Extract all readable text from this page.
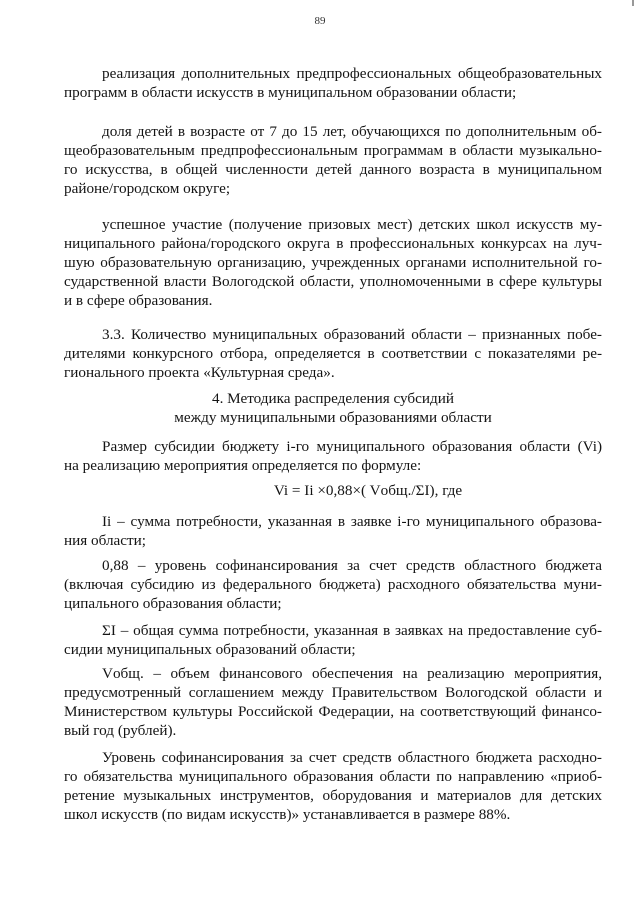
89
реализация дополнительных предпрофессиональных общеобразовательных
программ в области искусств в муниципальном образовании области;
доля детей в возрасте от 7 до 15 лет, обучающихся по дополнительным об-
щеобразовательным предпрофессиональным программам в области музыкально-
го искусства, в общей численности детей данного возраста в муниципальном
районе/городском округе;
успешное участие (получение призовых мест) детских школ искусств му-
ниципального района/городского округа в профессиональных конкурсах на луч-
шую образовательную организацию, учрежденных органами исполнительной го-
сударственной власти Вологодской области, уполномоченными в сфере культуры
и в сфере образования.
3.3. Количество муниципальных образований области – признанных побе-
дителями конкурсного отбора, определяется в соответствии с показателями ре-
гионального проекта «Культурная среда».
4. Методика распределения субсидий
между муниципальными образованиями области
Размер субсидии бюджету i-го муниципального образования области (Vi)
на реализацию мероприятия определяется по формуле:
Vi = Ii ×0,88×( Vобщ./ΣI), где
Ii – сумма потребности, указанная в заявке i-го муниципального образова-
ния области;
0,88 – уровень софинансирования за счет средств областного бюджета
(включая субсидию из федерального бюджета) расходного обязательства муни-
ципального образования области;
ΣI – общая сумма потребности, указанная в заявках на предоставление суб-
сидии муниципальных образований области;
Vобщ. – объем финансового обеспечения на реализацию мероприятия,
предусмотренный соглашением между Правительством Вологодской области и
Министерством культуры Российской Федерации, на соответствующий финансо-
вый год (рублей).
Уровень софинансирования за счет средств областного бюджета расходно-
го обязательства муниципального образования области по направлению «приоб-
ретение музыкальных инструментов, оборудования и материалов для детских
школ искусств (по видам искусств)» устанавливается в размере 88%.
